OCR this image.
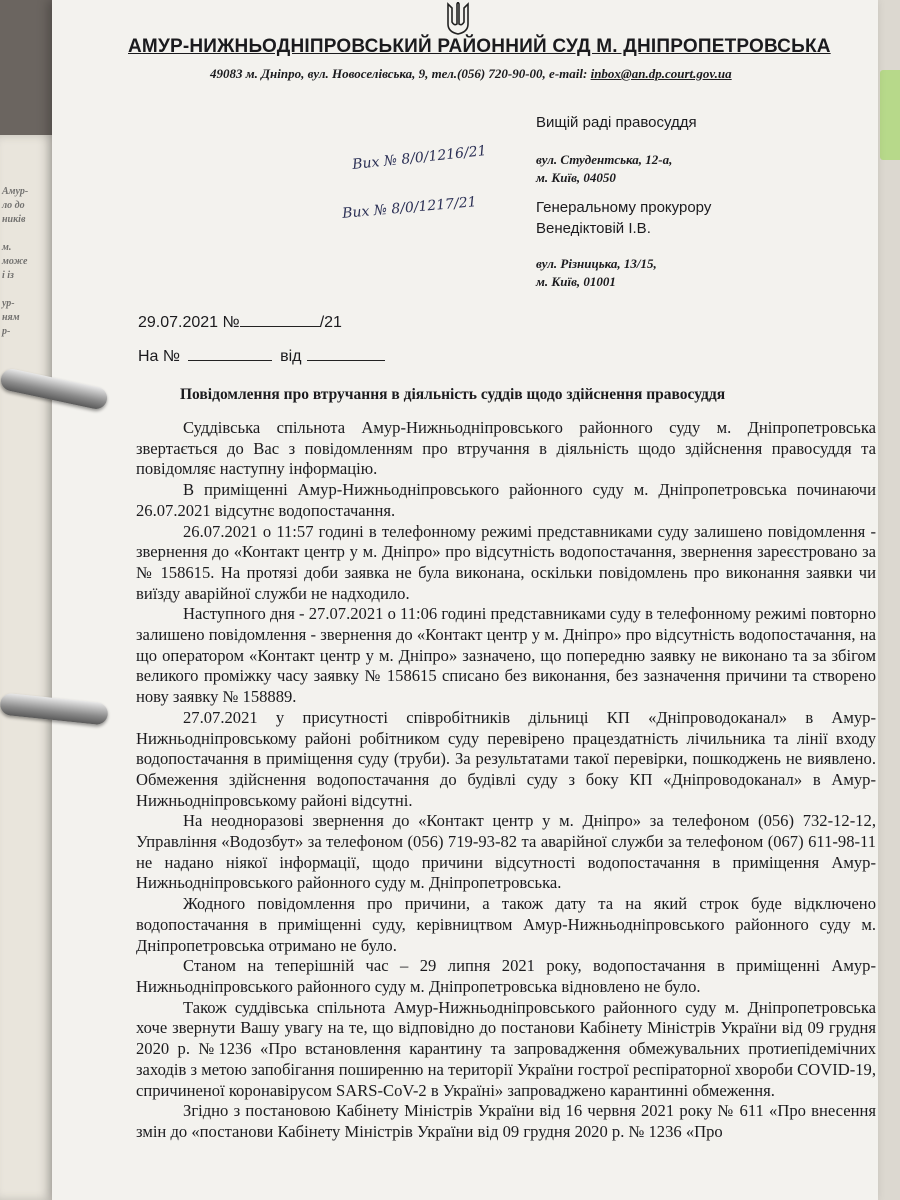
Амур-
ло до
ників

м.
може
і із

ур-
ням
р-
АМУР-НИЖНЬОДНІПРОВСЬКИЙ РАЙОННИЙ СУД М. ДНІПРОПЕТРОВСЬКА
49083 м. Дніпро, вул. Новоселівська, 9, тел.(056) 720-90-00, e-mail: inbox@an.dp.court.gov.ua
Вищій раді правосуддя
вул. Студентська, 12-а,
м. Київ, 04050
Генеральному прокурору
Венедіктовій І.В.
вул. Різницька, 13/15,
м. Київ, 01001
Вих № 8/0/1216/21
Вих № 8/0/1217/21
29.07.2021 №	/21
На №	від
Повідомлення про втручання в діяльність суддів щодо здійснення правосуддя

Суддівська спільнота Амур-Нижньодніпровського районного суду м. Дніпропетровська звертається до Вас з повідомленням про втручання в діяльність щодо здійснення правосуддя та повідомляє наступну інформацію.

В приміщенні Амур-Нижньодніпровського районного суду м. Дніпропетровська починаючи 26.07.2021 відсутнє водопостачання.

26.07.2021 о 11:57 годині в телефонному режимі представниками суду залишено повідомлення - звернення до «Контакт центр у м. Дніпро» про відсутність водопостачання, звернення зареєстровано за № 158615. На протязі доби заявка не була виконана, оскільки повідомлень про виконання заявки чи виїзду аварійної служби не надходило.

Наступного дня - 27.07.2021 о 11:06 годині представниками суду в телефонному режимі повторно залишено повідомлення - звернення до «Контакт центр у м. Дніпро» про відсутність водопостачання, на що оператором «Контакт центр у м. Дніпро» зазначено, що попередню заявку не виконано та за збігом великого проміжку часу заявку № 158615 списано без виконання, без зазначення причини та створено нову заявку № 158889.

27.07.2021 у присутності співробітників дільниці КП «Дніпроводоканал» в Амур-Нижньодніпровському районі робітником суду перевірено працездатність лічильника та лінії входу водопостачання в приміщення суду (труби). За результатами такої перевірки, пошкоджень не виявлено. Обмеження здійснення водопостачання до будівлі суду з боку КП «Дніпроводоканал» в Амур-Нижньодніпровському районі відсутні.

На неодноразові звернення до «Контакт центр у м. Дніпро» за телефоном (056) 732-12-12, Управління «Водозбут» за телефоном (056) 719-93-82 та аварійної служби за телефоном (067) 611-98-11 не надано ніякої інформації, щодо причини відсутності водопостачання в приміщення Амур-Нижньодніпровського районного суду м. Дніпропетровська.

Жодного повідомлення про причини, а також дату та на який строк буде відключено водопостачання в приміщенні суду, керівництвом Амур-Нижньодніпровського районного суду м. Дніпропетровська отримано не було.

Станом на теперішній час – 29 липня 2021 року, водопостачання в приміщенні Амур-Нижньодніпровського районного суду м. Дніпропетровська відновлено не було.

Також суддівська спільнота Амур-Нижньодніпровського районного суду м. Дніпропетровська хоче звернути Вашу увагу на те, що відповідно до постанови Кабінету Міністрів України від 09 грудня 2020 р. №1236 «Про встановлення карантину та запровадження обмежувальних протиепідемічних заходів з метою запобігання поширенню на території України гострої респіраторної хвороби COVID-19, спричиненої коронавірусом SARS-CoV-2 в Україні» запроваджено карантинні обмеження.

Згідно з постановою Кабінету Міністрів України від 16 червня 2021 року № 611 «Про внесення змін до «постанови Кабінету Міністрів України від 09 грудня 2020 р. № 1236 «Про
